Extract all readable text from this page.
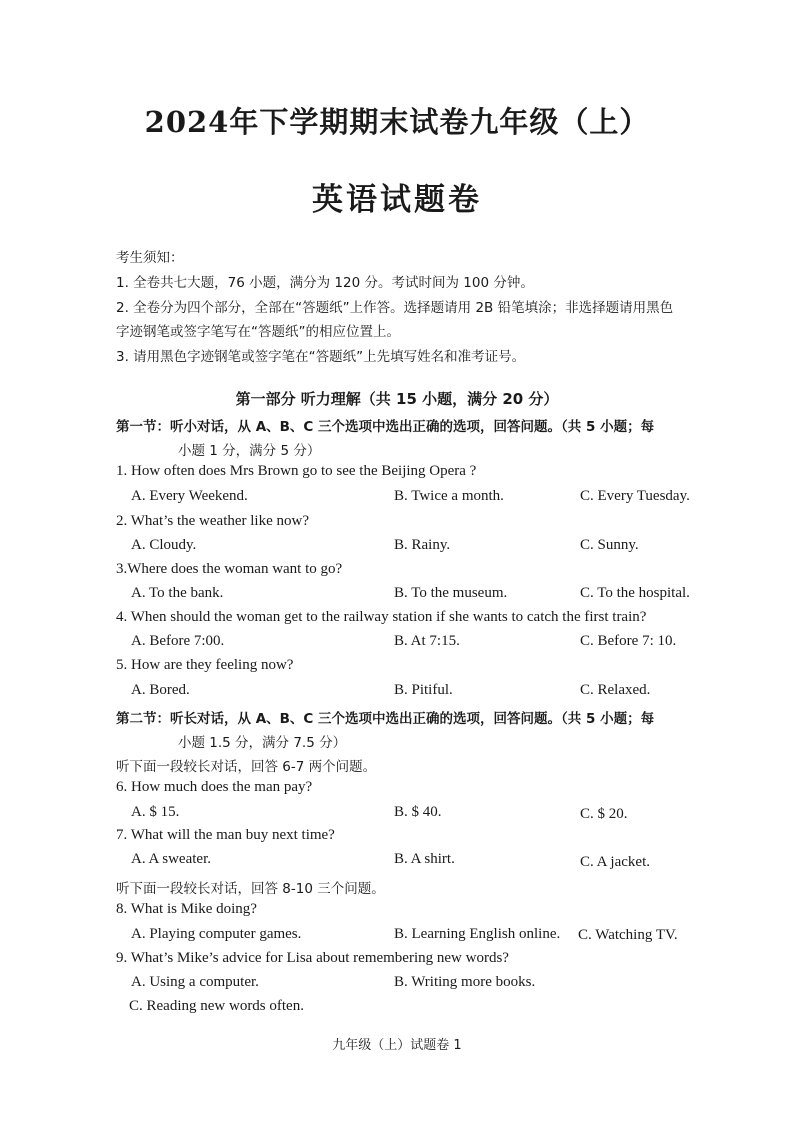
2024年下学期期末试卷九年级（上）
英语试题卷
考生须知：
1. 全卷共七大题，76 小题，满分为 120 分。考试时间为 100 分钟。
2. 全卷分为四个部分，全部在“答题纸”上作答。选择题请用 2B 铅笔填涂；非选择题请用黑色
字迹钢笔或签字笔写在“答题纸”的相应位置上。
3. 请用黑色字迹钢笔或签字笔在“答题纸”上先填写姓名和准考证号。
第一部分 听力理解（共 15 小题，满分 20 分）
第一节：听小对话，从 A、B、C 三个选项中选出正确的选项，回答问题。（共 5 小题；每
小题 1 分，满分 5 分）
1. How often does Mrs Brown go to see the Beijing Opera ?
A. Every Weekend.	B. Twice a month.	C. Every Tuesday.
2. What’s the weather like now?
A. Cloudy.	B. Rainy.	C. Sunny.
3.Where does the woman want to go?
A. To the bank.	B. To the museum.	C. To the hospital.
4. When should the woman get to the railway station if she wants to catch the first train?
A. Before 7:00.	B. At 7:15.	C. Before 7: 10.
5. How are they feeling now?
A. Bored.	B. Pitiful.	C. Relaxed.
第二节：听长对话，从 A、B、C 三个选项中选出正确的选项，回答问题。（共 5 小题；每
小题 1.5 分，满分 7.5 分）
听下面一段较长对话，回答 6-7 两个问题。
6. How much does the man pay?
A. $ 15.	B. $ 40.	C. $ 20.
7. What will the man buy next time?
A. A sweater.	B. A shirt.	C. A jacket.
听下面一段较长对话，回答 8-10 三个问题。
8. What is Mike doing?
A. Playing computer games.	B. Learning English online. C. Watching TV.
9. What’s Mike’s advice for Lisa about remembering new words?
A. Using a computer.	B. Writing more books.
C. Reading new words often.
九年级（上）试题卷 1
